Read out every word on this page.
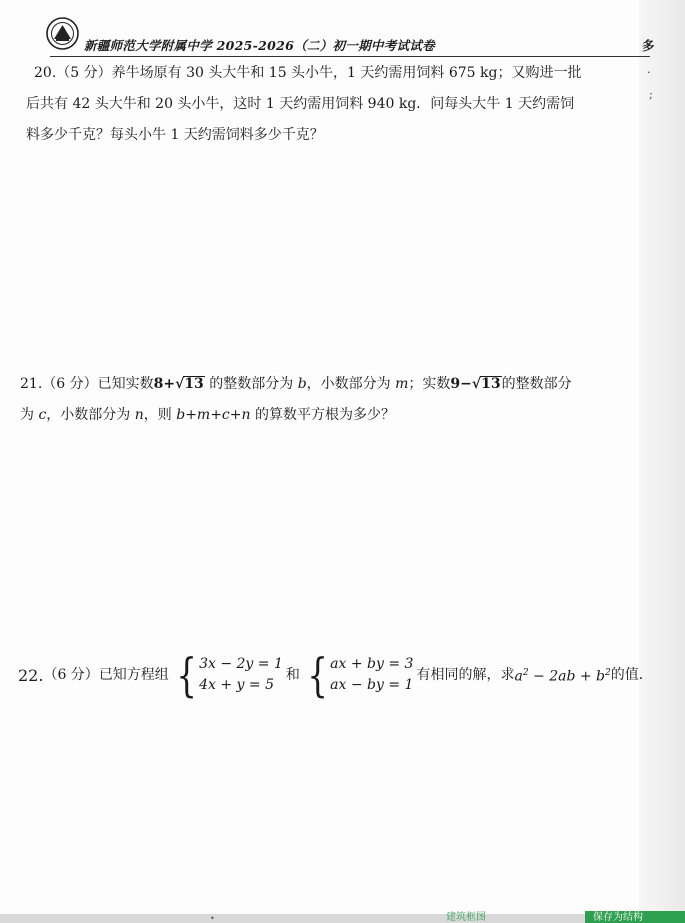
新疆师范大学附属中学 2025-2026（二）初一期中考试试卷	多
·
;
20.（5 分）养牛场原有 30 头大牛和 15 头小牛，1 天约需用饲料 675 kg；又购进一批
后共有 42 头大牛和 20 头小牛，这时 1 天约需用饲料 940 kg．问每头大牛 1 天约需饲
料多少千克？每头小牛 1 天约需饲料多少千克？
21.（6 分）已知实数8+√13 的整数部分为 b，小数部分为 m；实数9−√13的整数部分
为 c，小数部分为 n，则 b+m+c+n 的算数平方根为多少？
22. （6 分） 已知方程组 { 3x − 2y = 1
4x + y = 5
和 { ax + by = 3
ax − by = 1
有相同的解，求 $a^2 - 2ab + b^2$ 的值．
•	建筑框图	保存为结构
